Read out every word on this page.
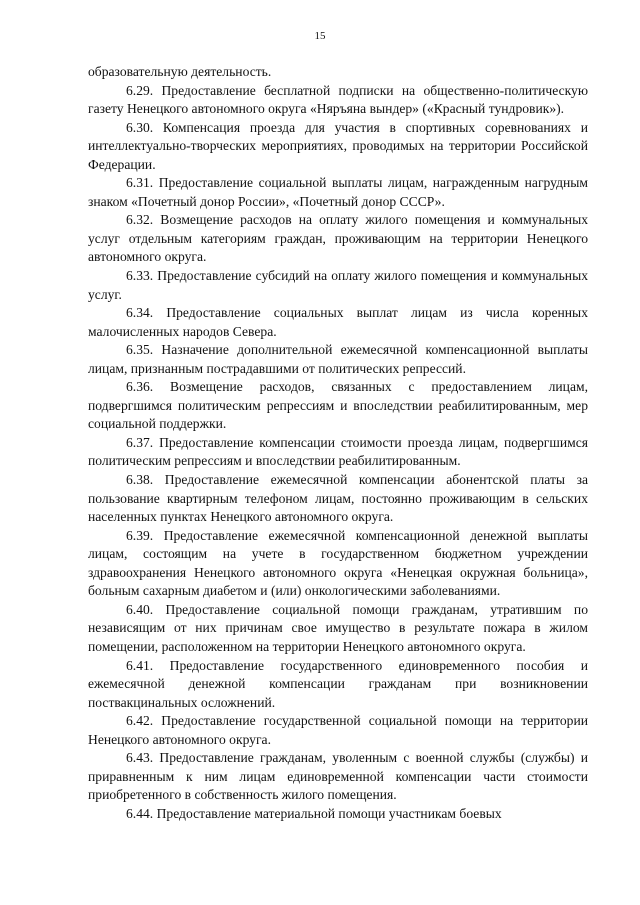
15

образовательную деятельность.

6.29. Предоставление бесплатной подписки на общественно-политическую газету Ненецкого автономного округа «Няръяна вындер» («Красный тундровик»).

6.30. Компенсация проезда для участия в спортивных соревнованиях и интеллектуально-творческих мероприятиях, проводимых на территории Российской Федерации.

6.31. Предоставление социальной выплаты лицам, награжденным нагрудным знаком «Почетный донор России», «Почетный донор СССР».

6.32. Возмещение расходов на оплату жилого помещения и коммунальных услуг отдельным категориям граждан, проживающим на территории Ненецкого автономного округа.

6.33. Предоставление субсидий на оплату жилого помещения и коммунальных услуг.

6.34. Предоставление социальных выплат лицам из числа коренных малочисленных народов Севера.

6.35. Назначение дополнительной ежемесячной компенсационной выплаты лицам, признанным пострадавшими от политических репрессий.

6.36. Возмещение расходов, связанных с предоставлением лицам, подвергшимся политическим репрессиям и впоследствии реабилитированным, мер социальной поддержки.

6.37. Предоставление компенсации стоимости проезда лицам, подвергшимся политическим репрессиям и впоследствии реабилитированным.

6.38. Предоставление ежемесячной компенсации абонентской платы за пользование квартирным телефоном лицам, постоянно проживающим в сельских населенных пунктах Ненецкого автономного округа.

6.39. Предоставление ежемесячной компенсационной денежной выплаты лицам, состоящим на учете в государственном бюджетном учреждении здравоохранения Ненецкого автономного округа «Ненецкая окружная больница», больным сахарным диабетом и (или) онкологическими заболеваниями.

6.40. Предоставление социальной помощи гражданам, утратившим по независящим от них причинам свое имущество в результате пожара в жилом помещении, расположенном на территории Ненецкого автономного округа.

6.41. Предоставление государственного единовременного пособия и ежемесячной денежной компенсации гражданам при возникновении поствакцинальных осложнений.

6.42. Предоставление государственной социальной помощи на территории Ненецкого автономного округа.

6.43. Предоставление гражданам, уволенным с военной службы (службы) и приравненным к ним лицам единовременной компенсации части стоимости приобретенного в собственность жилого помещения.

6.44. Предоставление материальной помощи участникам боевых
